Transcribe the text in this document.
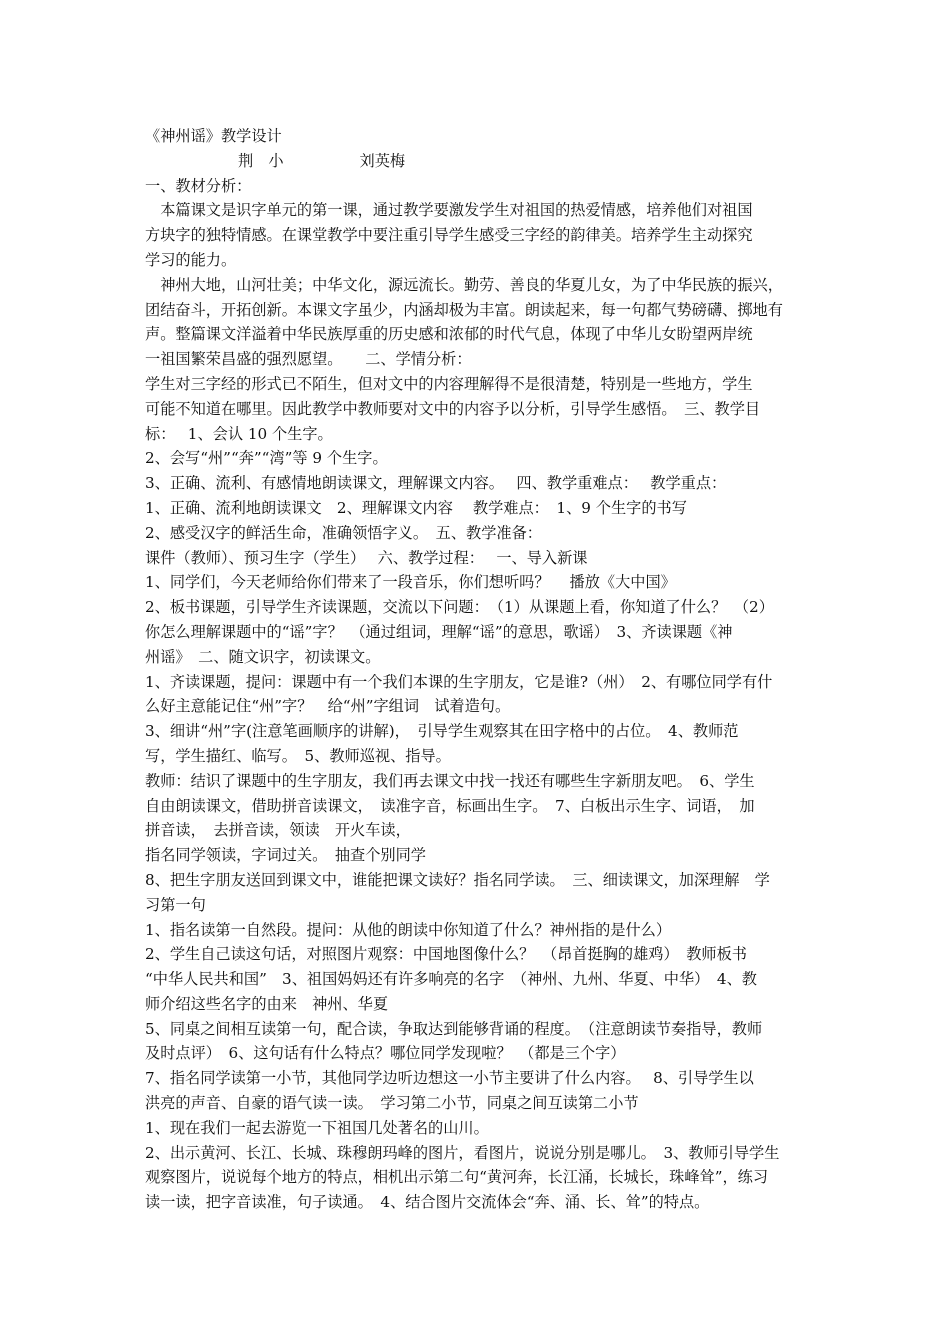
《神州谣》教学设计
荆　小　　　　　刘英梅
一、教材分析：
　本篇课文是识字单元的第一课，通过教学要激发学生对祖国的热爱情感，培养他们对祖国
方块字的独特情感。在课堂教学中要注重引导学生感受三字经的韵律美。培养学生主动探究
学习的能力。
　神州大地，山河壮美；中华文化，源远流长。勤劳、善良的华夏儿女，为了中华民族的振兴，
团结奋斗，开拓创新。本课文字虽少，内涵却极为丰富。朗读起来，每一句都气势磅礴、掷地有
声。整篇课文洋溢着中华民族厚重的历史感和浓郁的时代气息，体现了中华儿女盼望两岸统
一祖国繁荣昌盛的强烈愿望。　　二、学情分析：
学生对三字经的形式已不陌生，但对文中的内容理解得不是很清楚，特别是一些地方，学生
可能不知道在哪里。因此教学中教师要对文中的内容予以分析，引导学生感悟。　三、教学目
标：　 1、会认 10 个生字。
2、会写“州”“奔”“湾”等 9 个生字。
3、正确、流利、有感情地朗读课文，理解课文内容。　 四、教学重难点：　 教学重点：
1、正确、流利地朗读课文　2、理解课文内容　 教学难点：　1、9 个生字的书写
2、感受汉字的鲜活生命，准确领悟字义。　五、教学准备：
课件（教师）、预习生字（学生）　 六、教学过程：　 一、导入新课
1、同学们，今天老师给你们带来了一段音乐，你们想听吗？　 播放《大中国》
2、板书课题，引导学生齐读课题，交流以下问题：　（1）从课题上看，你知道了什么？　（2）
你怎么理解课题中的“谣”字？　（通过组词，理解“谣”的意思，歌谣）　3、齐读课题《神
州谣》　二、随文识字，初读课文。
1、齐读课题，提问：课题中有一个我们本课的生字朋友，它是谁?（州）　2、有哪位同学有什
么好主意能记住“州”字？　给“州”字组词　试着造句。
3、细讲“州”字(注意笔画顺序的讲解)，　引导学生观察其在田字格中的占位。　4、教师范
写，学生描红、临写。　5、教师巡视、指导。
教师：结识了课题中的生字朋友，我们再去课文中找一找还有哪些生字新朋友吧。　6、学生
自由朗读课文，借助拼音读课文，　读准字音，标画出生字。　7、白板出示生字、词语，　加
拼音读，　去拼音读，领读　开火车读，
指名同学领读，字词过关。　抽查个别同学
8、把生字朋友送回到课文中，谁能把课文读好？指名同学读。　三、细读课文，加深理解　学
习第一句
1、指名读第一自然段。提问：从他的朗读中你知道了什么？神州指的是什么）
2、学生自己读这句话，对照图片观察：中国地图像什么？　（昂首挺胸的雄鸡）　教师板书
“中华人民共和国”　3、祖国妈妈还有许多响亮的名字　（神州、九州、华夏、中华）　4、教
师介绍这些名字的由来　神州、华夏
5、同桌之间相互读第一句，配合读，争取达到能够背诵的程度。　（注意朗读节奏指导，教师
及时点评）　6、这句话有什么特点？哪位同学发现啦？　（都是三个字）
7、指名同学读第一小节，其他同学边听边想这一小节主要讲了什么内容。　 8、引导学生以
洪亮的声音、自豪的语气读一读。　学习第二小节，同桌之间互读第二小节
1、现在我们一起去游览一下祖国几处著名的山川。
2、出示黄河、长江、长城、珠穆朗玛峰的图片，看图片，说说分别是哪儿。　3、教师引导学生
观察图片，说说每个地方的特点，相机出示第二句“黄河奔，长江涌，长城长，珠峰耸”，练习
读一读，把字音读准，句子读通。　4、结合图片交流体会“奔、涌、长、耸”的特点。
